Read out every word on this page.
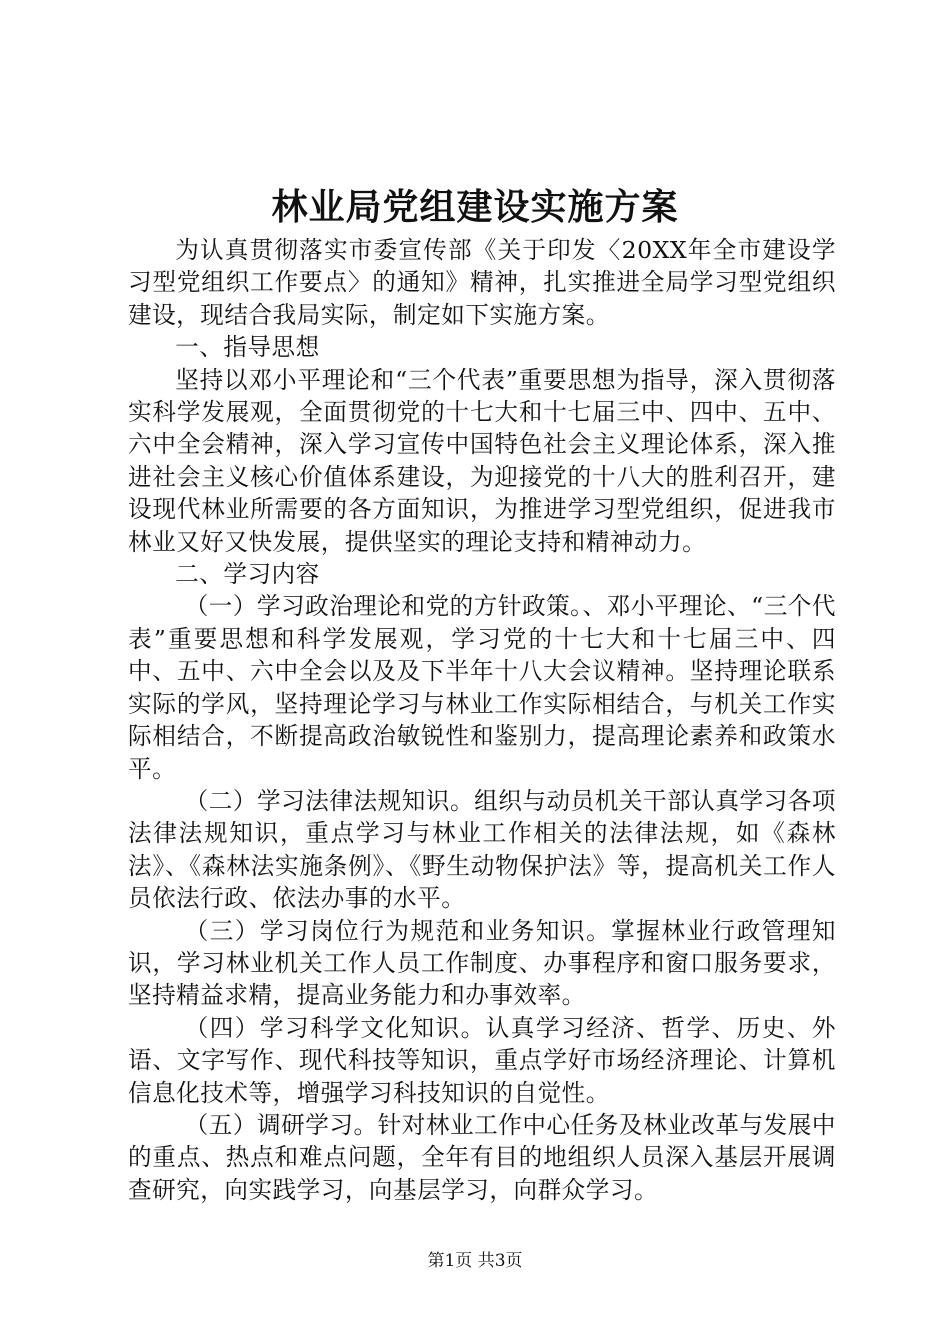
林业局党组建设实施方案

为认真贯彻落实市委宣传部《关于印发〈20XX年全市建设学习型党组织工作要点〉的通知》精神，扎实推进全局学习型党组织建设，现结合我局实际，制定如下实施方案。

一、指导思想

坚持以邓小平理论和“三个代表”重要思想为指导，深入贯彻落实科学发展观，全面贯彻党的十七大和十七届三中、四中、五中、六中全会精神，深入学习宣传中国特色社会主义理论体系，深入推进社会主义核心价值体系建设，为迎接党的十八大的胜利召开，建设现代林业所需要的各方面知识，为推进学习型党组织，促进我市林业又好又快发展，提供坚实的理论支持和精神动力。

二、学习内容

（一）学习政治理论和党的方针政策。、邓小平理论、“三个代表”重要思想和科学发展观，学习党的十七大和十七届三中、四中、五中、六中全会以及及下半年十八大会议精神。坚持理论联系实际的学风，坚持理论学习与林业工作实际相结合，与机关工作实际相结合，不断提高政治敏锐性和鉴别力，提高理论素养和政策水平。

（二）学习法律法规知识。组织与动员机关干部认真学习各项法律法规知识，重点学习与林业工作相关的法律法规，如《森林法》、《森林法实施条例》、《野生动物保护法》等，提高机关工作人员依法行政、依法办事的水平。

（三）学习岗位行为规范和业务知识。掌握林业行政管理知识，学习林业机关工作人员工作制度、办事程序和窗口服务要求，坚持精益求精，提高业务能力和办事效率。

（四）学习科学文化知识。认真学习经济、哲学、历史、外语、文字写作、现代科技等知识，重点学好市场经济理论、计算机信息化技术等，增强学习科技知识的自觉性。

（五）调研学习。针对林业工作中心任务及林业改革与发展中的重点、热点和难点问题，全年有目的地组织人员深入基层开展调查研究，向实践学习，向基层学习，向群众学习。

第1页 共3页
